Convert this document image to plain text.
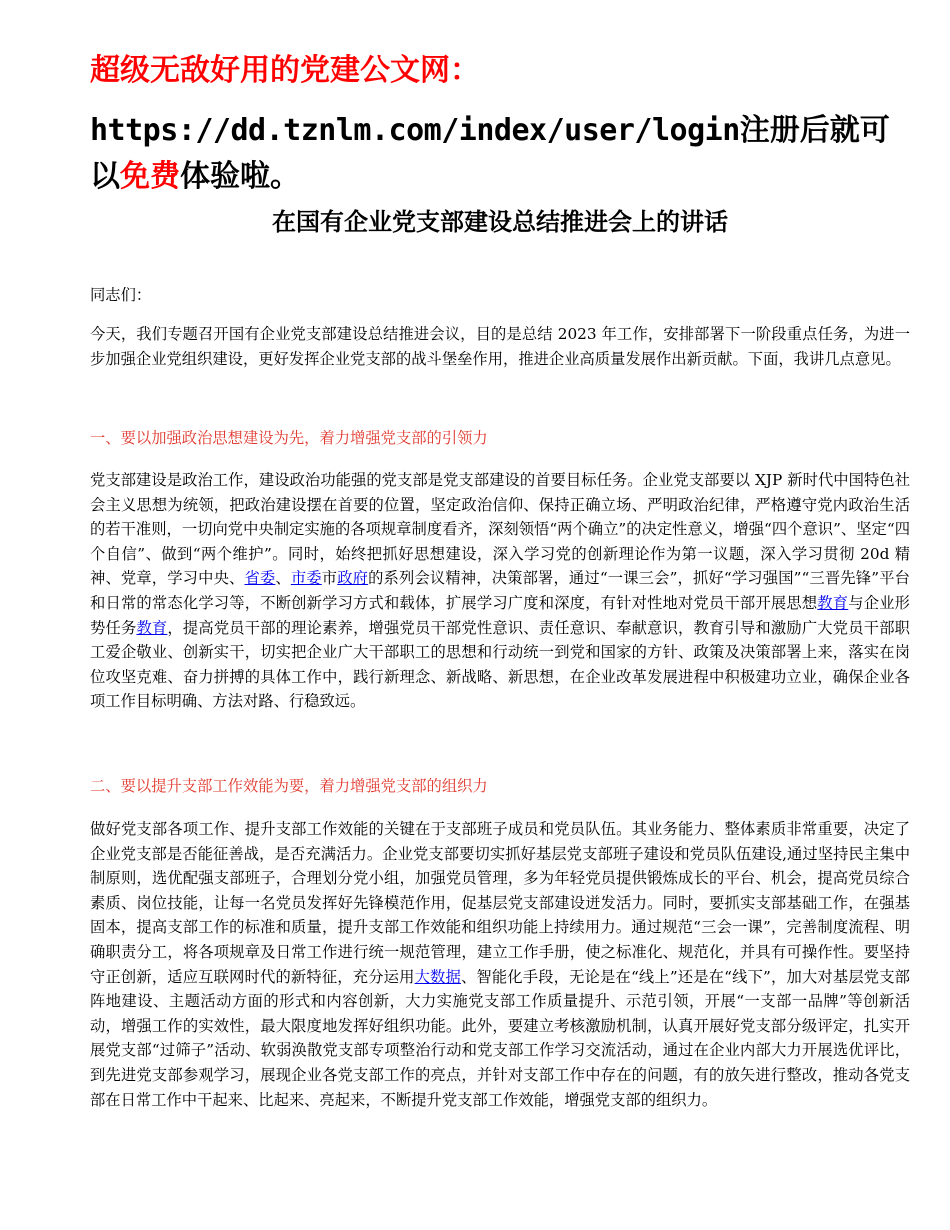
超级无敌好用的党建公文网：

https://dd.tznlm.com/index/user/login注册后就可以免费体验啦。

在国有企业党支部建设总结推进会上的讲话

同志们：

今天，我们专题召开国有企业党支部建设总结推进会议，目的是总结 2023 年工作，安排部署下一阶段重点任务，为进一步加强企业党组织建设，更好发挥企业党支部的战斗堡垒作用，推进企业高质量发展作出新贡献。下面，我讲几点意见。

一、要以加强政治思想建设为先，着力增强党支部的引领力

党支部建设是政治工作，建设政治功能强的党支部是党支部建设的首要目标任务。企业党支部要以 XJP 新时代中国特色社会主义思想为统领，把政治建设摆在首要的位置，坚定政治信仰、保持正确立场、严明政治纪律，严格遵守党内政治生活的若干准则，一切向党中央制定实施的各项规章制度看齐，深刻领悟“两个确立”的决定性意义，增强“四个意识”、坚定“四个自信”、做到“两个维护”。同时，始终把抓好思想建设，深入学习党的创新理论作为第一议题，深入学习贯彻 20d 精神、党章，学习中央、省委、市委市政府的系列会议精神，决策部署，通过“一课三会”，抓好“学习强国”“三晋先锋”平台和日常的常态化学习等，不断创新学习方式和载体，扩展学习广度和深度，有针对性地对党员干部开展思想教育与企业形势任务教育，提高党员干部的理论素养，增强党员干部党性意识、责任意识、奉献意识，教育引导和激励广大党员干部职工爱企敬业、创新实干，切实把企业广大干部职工的思想和行动统一到党和国家的方针、政策及决策部署上来，落实在岗位攻坚克难、奋力拼搏的具体工作中，践行新理念、新战略、新思想，在企业改革发展进程中积极建功立业，确保企业各项工作目标明确、方法对路、行稳致远。

二、要以提升支部工作效能为要，着力增强党支部的组织力

做好党支部各项工作、提升支部工作效能的关键在于支部班子成员和党员队伍。其业务能力、整体素质非常重要，决定了企业党支部是否能征善战，是否充满活力。企业党支部要切实抓好基层党支部班子建设和党员队伍建设,通过坚持民主集中制原则，选优配强支部班子，合理划分党小组，加强党员管理，多为年轻党员提供锻炼成长的平台、机会，提高党员综合素质、岗位技能，让每一名党员发挥好先锋模范作用，促基层党支部建设迸发活力。同时，要抓实支部基础工作，在强基固本，提高支部工作的标准和质量，提升支部工作效能和组织功能上持续用力。通过规范“三会一课”，完善制度流程、明确职责分工，将各项规章及日常工作进行统一规范管理，建立工作手册，使之标准化、规范化，并具有可操作性。要坚持守正创新，适应互联网时代的新特征，充分运用大数据、智能化手段，无论是在“线上”还是在“线下”，加大对基层党支部阵地建设、主题活动方面的形式和内容创新，大力实施党支部工作质量提升、示范引领，开展“一支部一品牌”等创新活动，增强工作的实效性，最大限度地发挥好组织功能。此外，要建立考核激励机制，认真开展好党支部分级评定，扎实开展党支部“过筛子”活动、软弱涣散党支部专项整治行动和党支部工作学习交流活动，通过在企业内部大力开展选优评比，到先进党支部参观学习，展现企业各党支部工作的亮点，并针对支部工作中存在的问题，有的放矢进行整改，推动各党支部在日常工作中干起来、比起来、亮起来，不断提升党支部工作效能，增强党支部的组织力。
